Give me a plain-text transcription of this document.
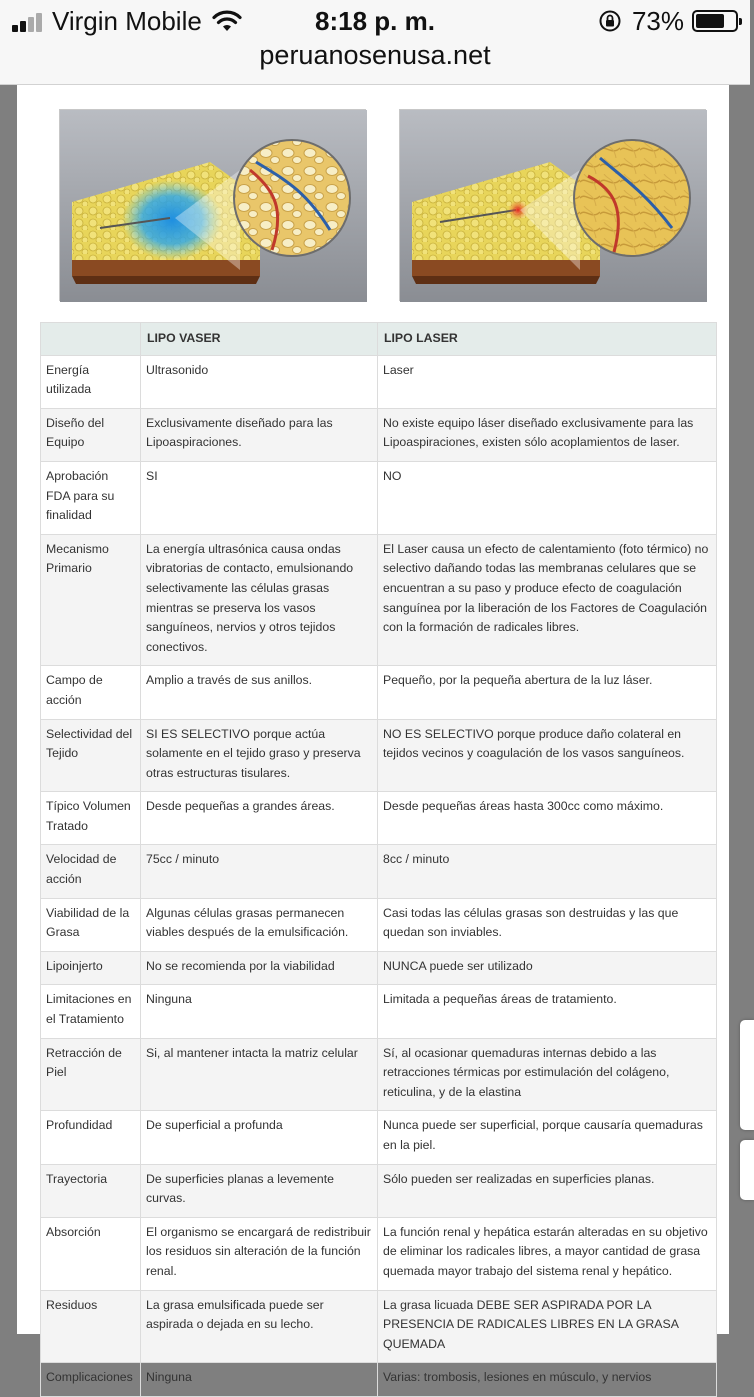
Virgin Mobile	8:18 p. m.	73%
peruanosenusa.net
	LIPO VASER	LIPO LASER
Energía utilizada	Ultrasonido	Laser
Diseño del Equipo	Exclusivamente diseñado para las Lipoaspiraciones.	No existe equipo láser diseñado exclusivamente para las Lipoaspiraciones, existen sólo acoplamientos de laser.
Aprobación FDA para su finalidad	SI	NO
Mecanismo Primario	La energía ultrasónica causa ondas vibratorias de contacto, emulsionando selectivamente las células grasas mientras se preserva los vasos sanguíneos, nervios y otros tejidos conectivos.	El Laser causa un efecto de calentamiento (foto térmico) no selectivo dañando todas las membranas celulares que se encuentran a su paso y produce efecto de coagulación sanguínea por la liberación de los Factores de Coagulación con la formación de radicales libres.
Campo de acción	Amplio a través de sus anillos.	Pequeño, por la pequeña abertura de la luz láser.
Selectividad del Tejido	SI ES SELECTIVO porque actúa solamente en el tejido graso y preserva otras estructuras tisulares.	NO ES SELECTIVO porque produce daño colateral en tejidos vecinos y coagulación de los vasos sanguíneos.
Típico Volumen Tratado	Desde pequeñas a grandes áreas.	Desde pequeñas áreas hasta 300cc como máximo.
Velocidad de acción	75cc / minuto	8cc / minuto
Viabilidad de la Grasa	Algunas células grasas permanecen viables después de la emulsificación.	Casi todas las células grasas son destruidas y las que quedan son inviables.
Lipoinjerto	No se recomienda por la viabilidad	NUNCA puede ser utilizado
Limitaciones en el Tratamiento	Ninguna	Limitada a pequeñas áreas de tratamiento.
Retracción de Piel	Si, al mantener intacta la matriz celular	Sí, al ocasionar quemaduras internas debido a las retracciones térmicas por estimulación del colágeno, reticulina, y de la elastina
Profundidad	De superficial a profunda	Nunca puede ser superficial, porque causaría quemaduras en la piel.
Trayectoria	De superficies planas a levemente curvas.	Sólo pueden ser realizadas en superficies planas.
Absorción	El organismo se encargará de redistribuir los residuos sin alteración de la función renal.	La función renal y hepática estarán alteradas en su objetivo de eliminar los radicales libres, a mayor cantidad de grasa quemada mayor trabajo del sistema renal y hepático.
Residuos	La grasa emulsificada puede ser aspirada o dejada en su lecho.	La grasa licuada DEBE SER ASPIRADA POR LA PRESENCIA DE RADICALES LIBRES EN LA GRASA QUEMADA
Complicaciones	Ninguna	Varias: trombosis, lesiones en músculo, y nervios
